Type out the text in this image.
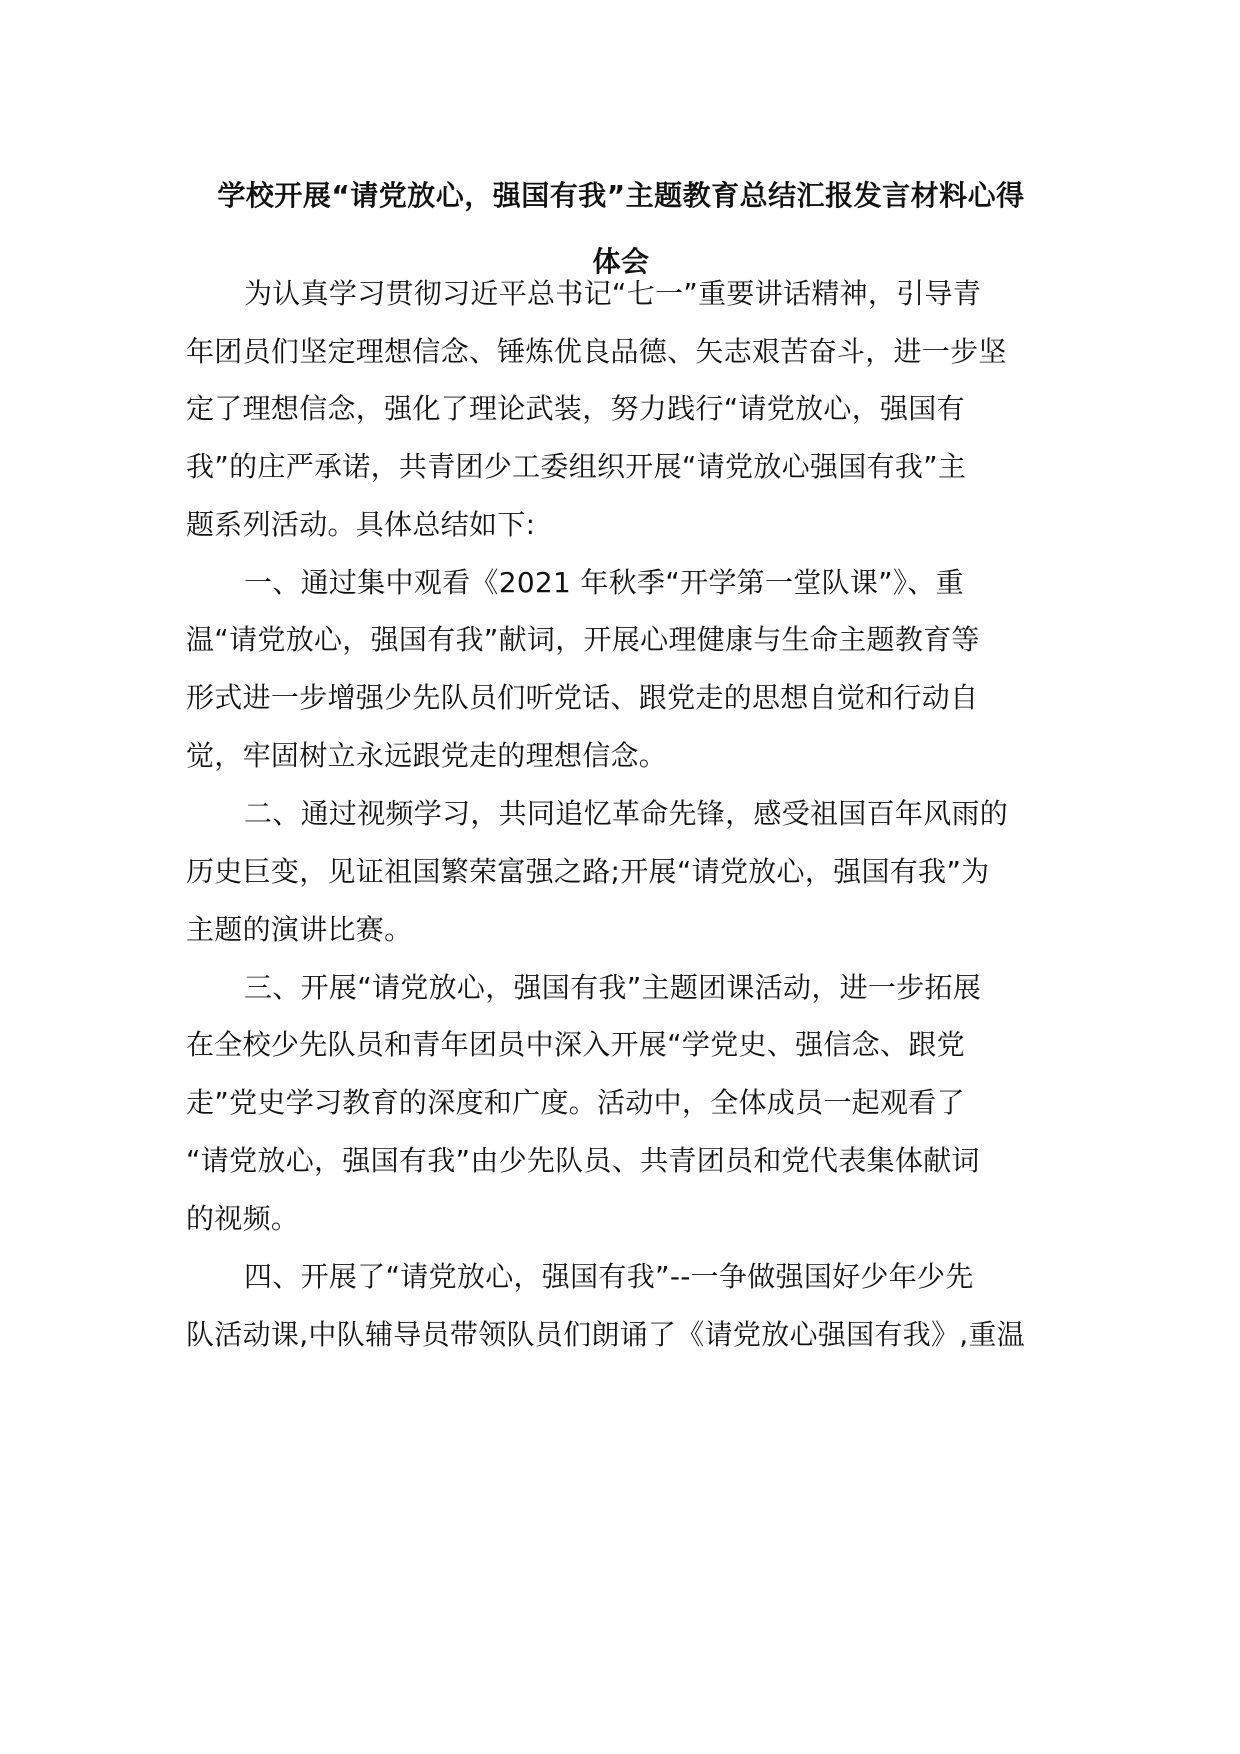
学校开展“请党放心，强国有我”主题教育总结汇报发言材料心得
体会
为认真学习贯彻习近平总书记“七一”重要讲话精神，引导青
年团员们坚定理想信念、锤炼优良品德、矢志艰苦奋斗，进一步坚
定了理想信念，强化了理论武装，努力践行“请党放心，强国有
我”的庄严承诺，共青团少工委组织开展“请党放心强国有我”主
题系列活动。具体总结如下:
一、通过集中观看《2021 年秋季“开学第一堂队课”》、重
温“请党放心，强国有我”献词，开展心理健康与生命主题教育等
形式进一步增强少先队员们听党话、跟党走的思想自觉和行动自
觉，牢固树立永远跟党走的理想信念。
二、通过视频学习，共同追忆革命先锋，感受祖国百年风雨的
历史巨变，见证祖国繁荣富强之路;开展“请党放心，强国有我”为
主题的演讲比赛。
三、开展“请党放心，强国有我”主题团课活动，进一步拓展
在全校少先队员和青年团员中深入开展“学党史、强信念、跟党
走”党史学习教育的深度和广度。活动中，全体成员一起观看了
“请党放心，强国有我”由少先队员、共青团员和党代表集体献词
的视频。
四、开展了“请党放心，强国有我”--一争做强国好少年少先
队活动课,中队辅导员带领队员们朗诵了《请党放心强国有我》,重温
